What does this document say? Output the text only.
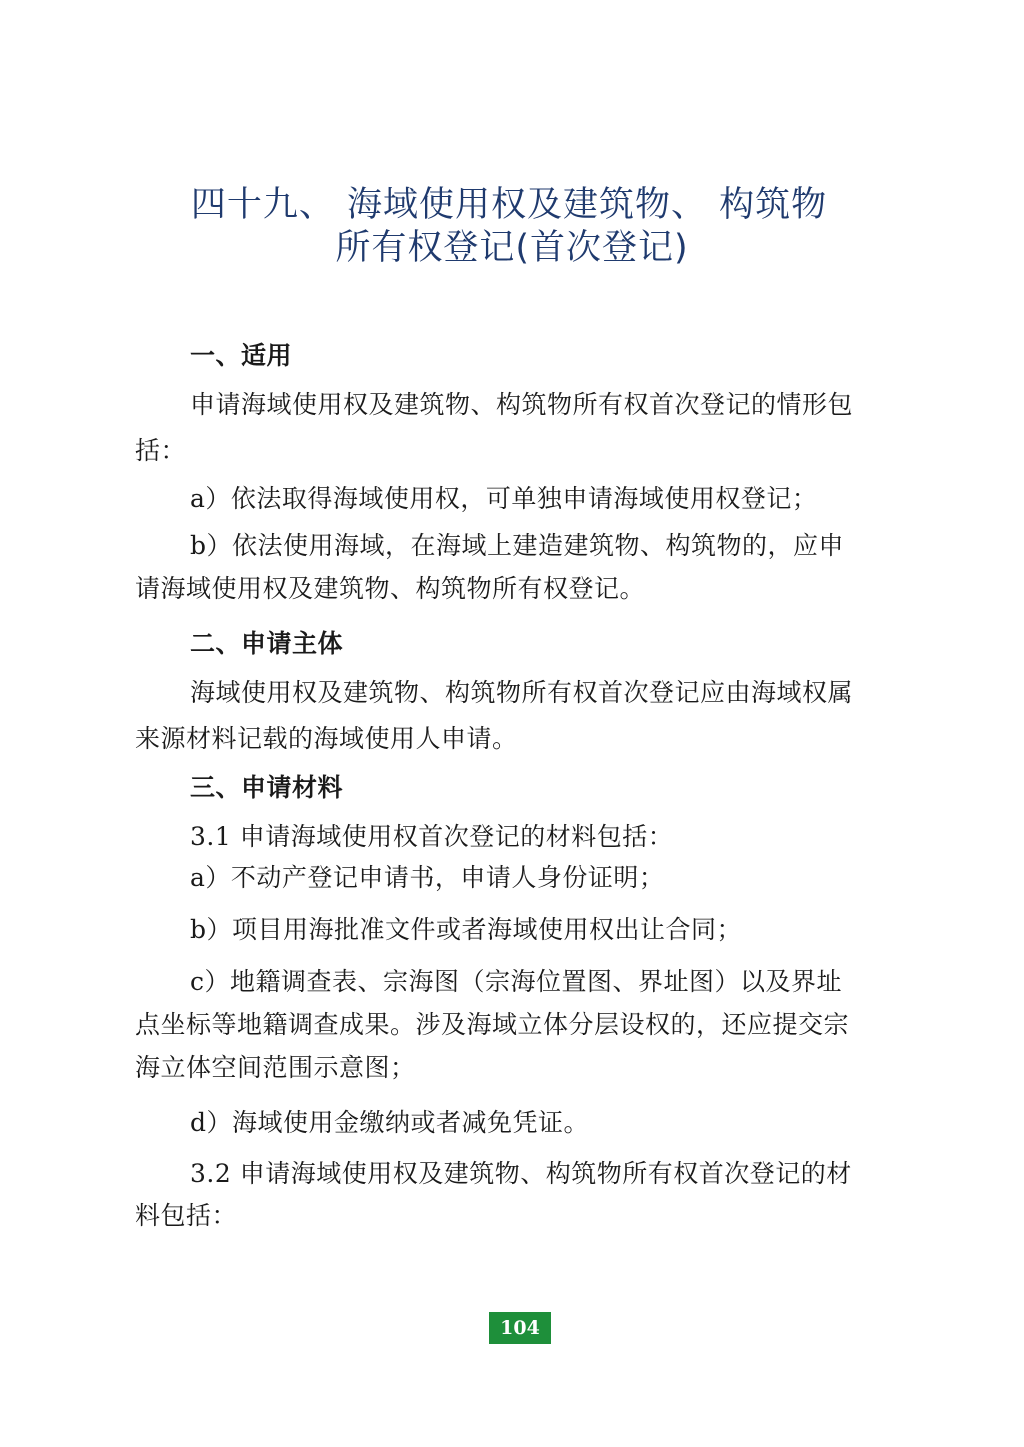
四十九、 海域使用权及建筑物、 构筑物
所有权登记(首次登记)
一、适用
申请海域使用权及建筑物、构筑物所有权首次登记的情形包
括：
a）依法取得海域使用权，可单独申请海域使用权登记；
b）依法使用海域，在海域上建造建筑物、构筑物的，应申
请海域使用权及建筑物、构筑物所有权登记。
二、申请主体
海域使用权及建筑物、构筑物所有权首次登记应由海域权属
来源材料记载的海域使用人申请。
三、申请材料
3.1 申请海域使用权首次登记的材料包括：
a）不动产登记申请书，申请人身份证明；
b）项目用海批准文件或者海域使用权出让合同；
c）地籍调查表、宗海图（宗海位置图、界址图）以及界址
点坐标等地籍调查成果。涉及海域立体分层设权的，还应提交宗
海立体空间范围示意图；
d）海域使用金缴纳或者减免凭证。
3.2 申请海域使用权及建筑物、构筑物所有权首次登记的材
料包括：
104
